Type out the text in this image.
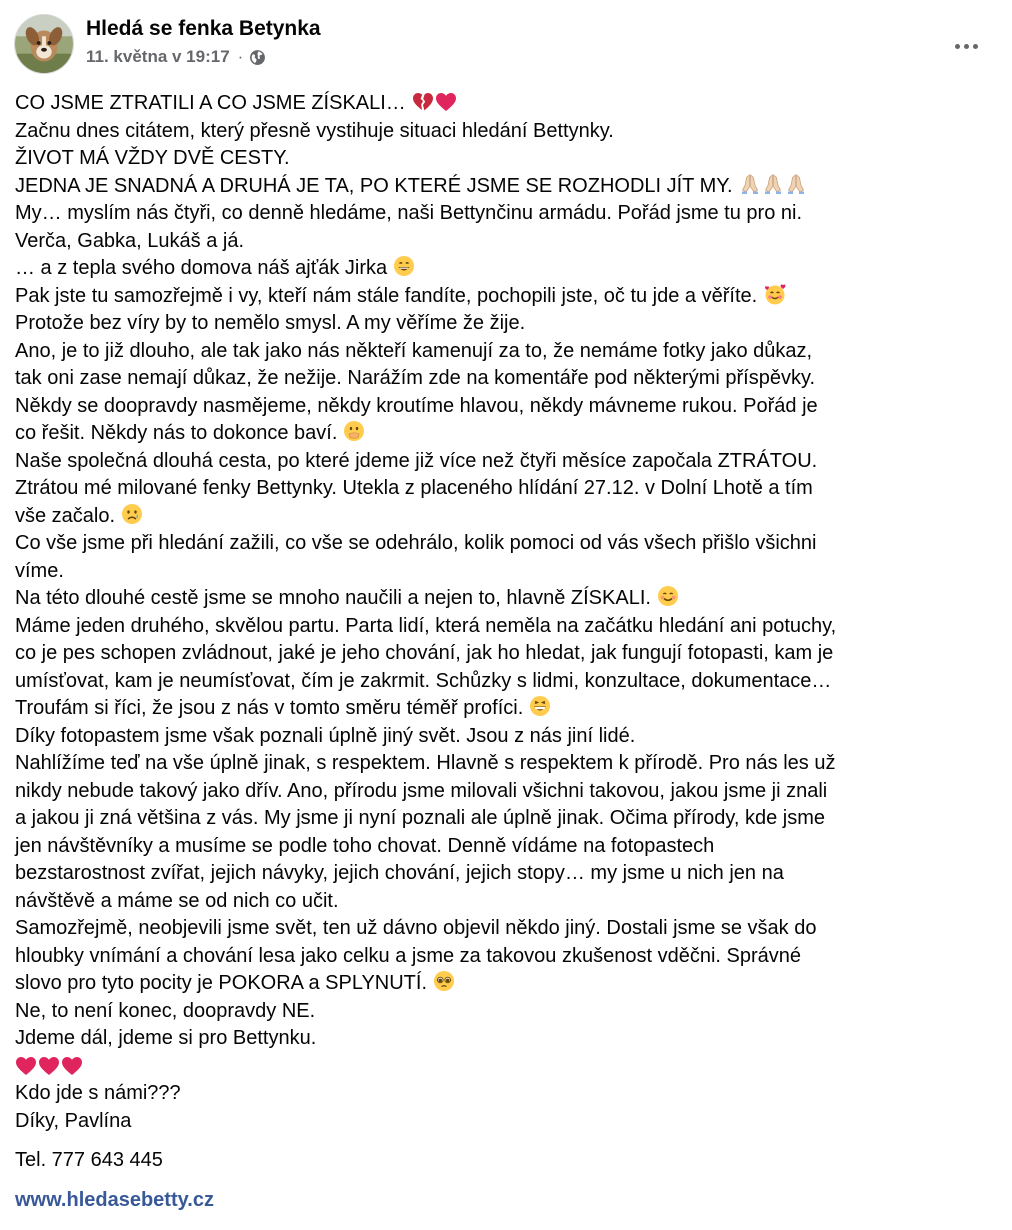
Hledá se fenka Betynka
11. května v 19:17 ·
CO JSME ZTRATILI A CO JSME ZÍSKALI…
Začnu dnes citátem, který přesně vystihuje situaci hledání Bettynky.
ŽIVOT MÁ VŽDY DVĚ CESTY.
JEDNA JE SNADNÁ A DRUHÁ JE TA, PO KTERÉ JSME SE ROZHODLI JÍT MY.
My… myslím nás čtyři, co denně hledáme, naši Bettynčinu armádu. Pořád jsme tu pro ni.
Verča, Gabka, Lukáš a já.
… a z tepla svého domova náš ajťák Jirka
Pak jste tu samozřejmě i vy, kteří nám stále fandíte, pochopili jste, oč tu jde a věříte.
Protože bez víry by to nemělo smysl. A my věříme že žije.
Ano, je to již dlouho, ale tak jako nás někteří kamenují za to, že nemáme fotky jako důkaz,
tak oni zase nemají důkaz, že nežije. Narážím zde na komentáře pod některými příspěvky.
Někdy se doopravdy nasmějeme, někdy kroutíme hlavou, někdy mávneme rukou. Pořád je
co řešit. Někdy nás to dokonce baví.
Naše společná dlouhá cesta, po které jdeme již více než čtyři měsíce započala ZTRÁTOU.
Ztrátou mé milované fenky Bettynky. Utekla z placeného hlídání 27.12. v Dolní Lhotě a tím
vše začalo.
Co vše jsme při hledání zažili, co vše se odehrálo, kolik pomoci od vás všech přišlo všichni
víme.
Na této dlouhé cestě jsme se mnoho naučili a nejen to, hlavně ZÍSKALI.
Máme jeden druhého, skvělou partu. Parta lidí, která neměla na začátku hledání ani potuchy,
co je pes schopen zvládnout, jaké je jeho chování, jak ho hledat, jak fungují fotopasti, kam je
umísťovat, kam je neumísťovat, čím je zakrmit. Schůzky s lidmi, konzultace, dokumentace…
Troufám si říci, že jsou z nás v tomto směru téměř profíci.
Díky fotopastem jsme však poznali úplně jiný svět. Jsou z nás jiní lidé.
Nahlížíme teď na vše úplně jinak, s respektem. Hlavně s respektem k přírodě. Pro nás les už
nikdy nebude takový jako dřív. Ano, přírodu jsme milovali všichni takovou, jakou jsme ji znali
a jakou ji zná většina z vás. My jsme ji nyní poznali ale úplně jinak. Očima přírody, kde jsme
jen návštěvníky a musíme se podle toho chovat. Denně vídáme na fotopastech
bezstarostnost zvířat, jejich návyky, jejich chování, jejich stopy… my jsme u nich jen na
návštěvě a máme se od nich co učit.
Samozřejmě, neobjevili jsme svět, ten už dávno objevil někdo jiný. Dostali jsme se však do
hloubky vnímání a chování lesa jako celku a jsme za takovou zkušenost vděčni. Správné
slovo pro tyto pocity je POKORA a SPLYNUTÍ.
Ne, to není konec, doopravdy NE.
Jdeme dál, jdeme si pro Bettynku.
Kdo jde s námi???
Díky, Pavlína
Tel. 777 643 445
www.hledasebetty.cz
